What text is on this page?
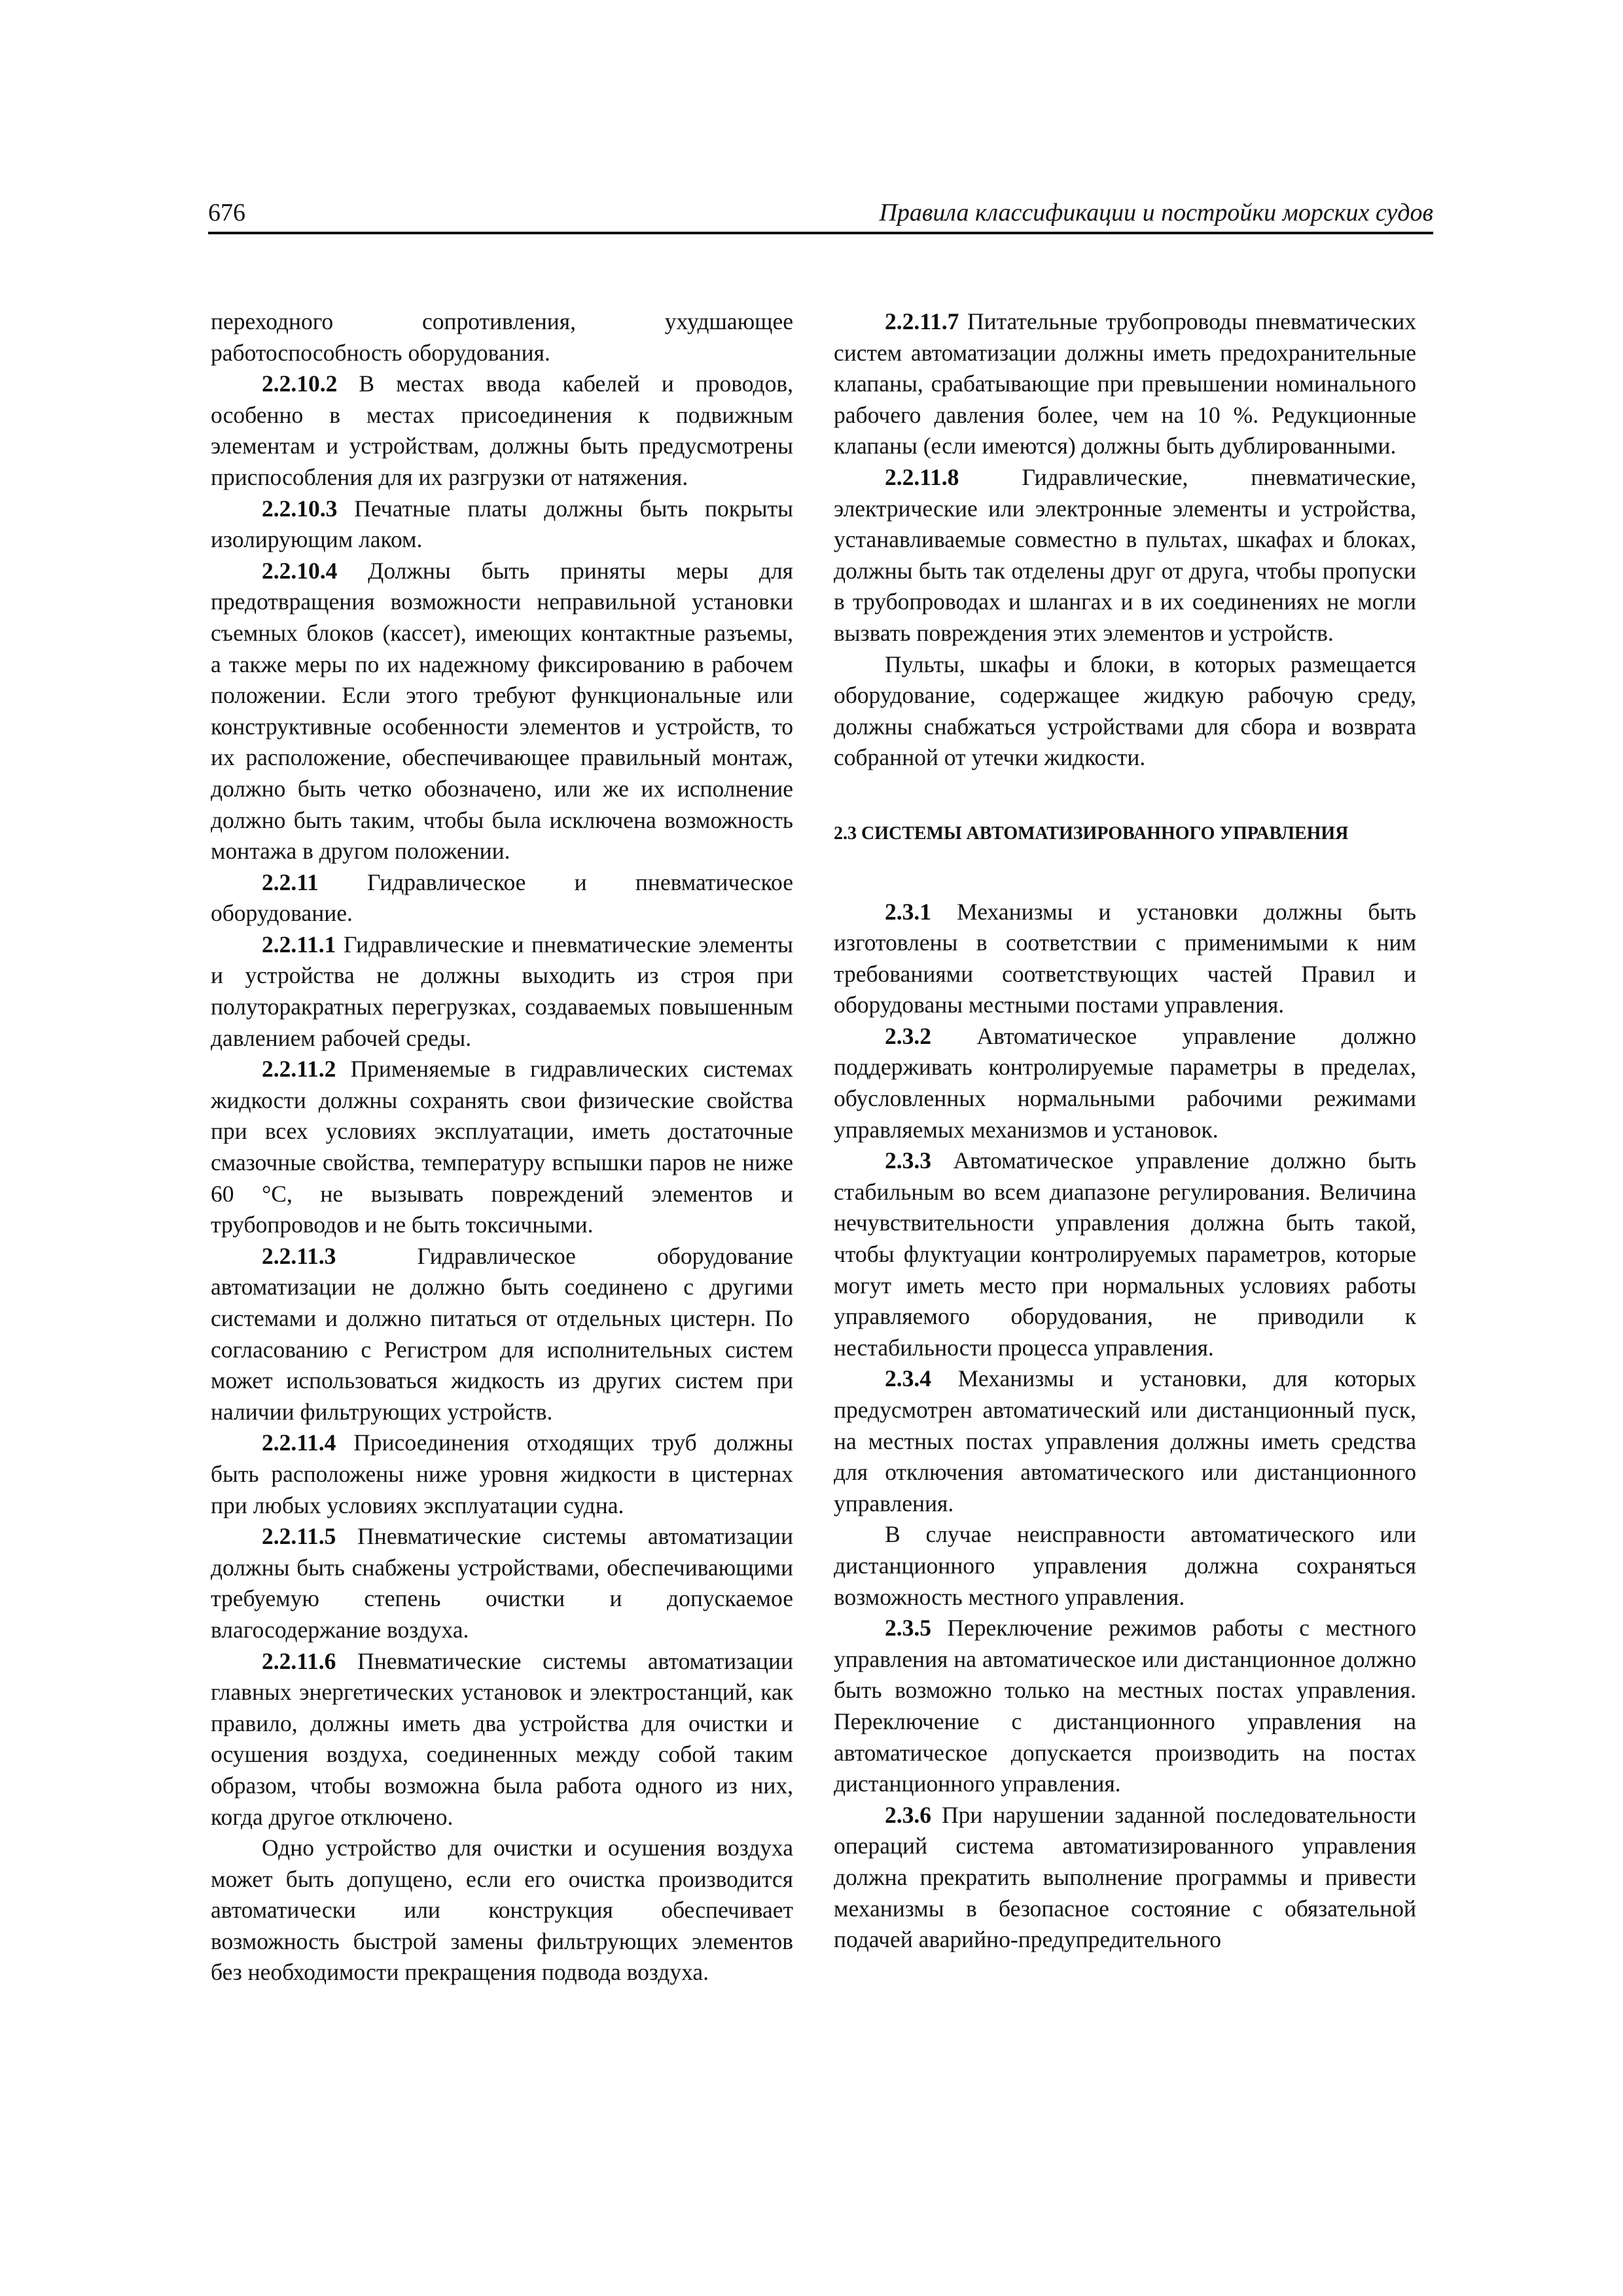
676	Правила классификации и постройки морских судов

переходного сопротивления, ухудшающее работоспособность оборудования.

2.2.10.2 В местах ввода кабелей и проводов, особенно в местах присоединения к подвижным элементам и устройствам, должны быть предусмотрены приспособления для их разгрузки от натяжения.

2.2.10.3 Печатные платы должны быть покрыты изолирующим лаком.

2.2.10.4 Должны быть приняты меры для предотвращения возможности неправильной установки съемных блоков (кассет), имеющих контактные разъемы, а также меры по их надежному фиксированию в рабочем положении. Если этого требуют функциональные или конструктивные особенности элементов и устройств, то их расположение, обеспечивающее правильный монтаж, должно быть четко обозначено, или же их исполнение должно быть таким, чтобы была исключена возможность монтажа в другом положении.

2.2.11 Гидравлическое и пневматическое оборудование.

2.2.11.1 Гидравлические и пневматические элементы и устройства не должны выходить из строя при полуторакратных перегрузках, создаваемых повышенным давлением рабочей среды.

2.2.11.2 Применяемые в гидравлических системах жидкости должны сохранять свои физические свойства при всех условиях эксплуатации, иметь достаточные смазочные свойства, температуру вспышки паров не ниже 60 °С, не вызывать повреждений элементов и трубопроводов и не быть токсичными.

2.2.11.3 Гидравлическое оборудование автоматизации не должно быть соединено с другими системами и должно питаться от отдельных цистерн. По согласованию с Регистром для исполнительных систем может использоваться жидкость из других систем при наличии фильтрующих устройств.

2.2.11.4 Присоединения отходящих труб должны быть расположены ниже уровня жидкости в цистернах при любых условиях эксплуатации судна.

2.2.11.5 Пневматические системы автоматизации должны быть снабжены устройствами, обеспечивающими требуемую степень очистки и допускаемое влагосодержание воздуха.

2.2.11.6 Пневматические системы автоматизации главных энергетических установок и электростанций, как правило, должны иметь два устройства для очистки и осушения воздуха, соединенных между собой таким образом, чтобы возможна была работа одного из них, когда другое отключено.

Одно устройство для очистки и осушения воздуха может быть допущено, если его очистка производится автоматически или конструкция обеспечивает возможность быстрой замены фильтрующих элементов без необходимости прекращения подвода воздуха.

2.2.11.7 Питательные трубопроводы пневматических систем автоматизации должны иметь предохранительные клапаны, срабатывающие при превышении номинального рабочего давления более, чем на 10 %. Редукционные клапаны (если имеются) должны быть дублированными.

2.2.11.8 Гидравлические, пневматические, электрические или электронные элементы и устройства, устанавливаемые совместно в пультах, шкафах и блоках, должны быть так отделены друг от друга, чтобы пропуски в трубопроводах и шлангах и в их соединениях не могли вызвать повреждения этих элементов и устройств.

Пульты, шкафы и блоки, в которых размещается оборудование, содержащее жидкую рабочую среду, должны снабжаться устройствами для сбора и возврата собранной от утечки жидкости.

2.3 СИСТЕМЫ АВТОМАТИЗИРОВАННОГО УПРАВЛЕНИЯ

2.3.1 Механизмы и установки должны быть изготовлены в соответствии с применимыми к ним требованиями соответствующих частей Правил и оборудованы местными постами управления.

2.3.2 Автоматическое управление должно поддерживать контролируемые параметры в пределах, обусловленных нормальными рабочими режимами управляемых механизмов и установок.

2.3.3 Автоматическое управление должно быть стабильным во всем диапазоне регулирования. Величина нечувствительности управления должна быть такой, чтобы флуктуации контролируемых параметров, которые могут иметь место при нормальных условиях работы управляемого оборудования, не приводили к нестабильности процесса управления.

2.3.4 Механизмы и установки, для которых предусмотрен автоматический или дистанционный пуск, на местных постах управления должны иметь средства для отключения автоматического или дистанционного управления.

В случае неисправности автоматического или дистанционного управления должна сохраняться возможность местного управления.

2.3.5 Переключение режимов работы с местного управления на автоматическое или дистанционное должно быть возможно только на местных постах управления. Переключение с дистанционного управления на автоматическое допускается производить на постах дистанционного управления.

2.3.6 При нарушении заданной последовательности операций система автоматизированного управления должна прекратить выполнение программы и привести механизмы в безопасное состояние с обязательной подачей аварийно-предупредительного
